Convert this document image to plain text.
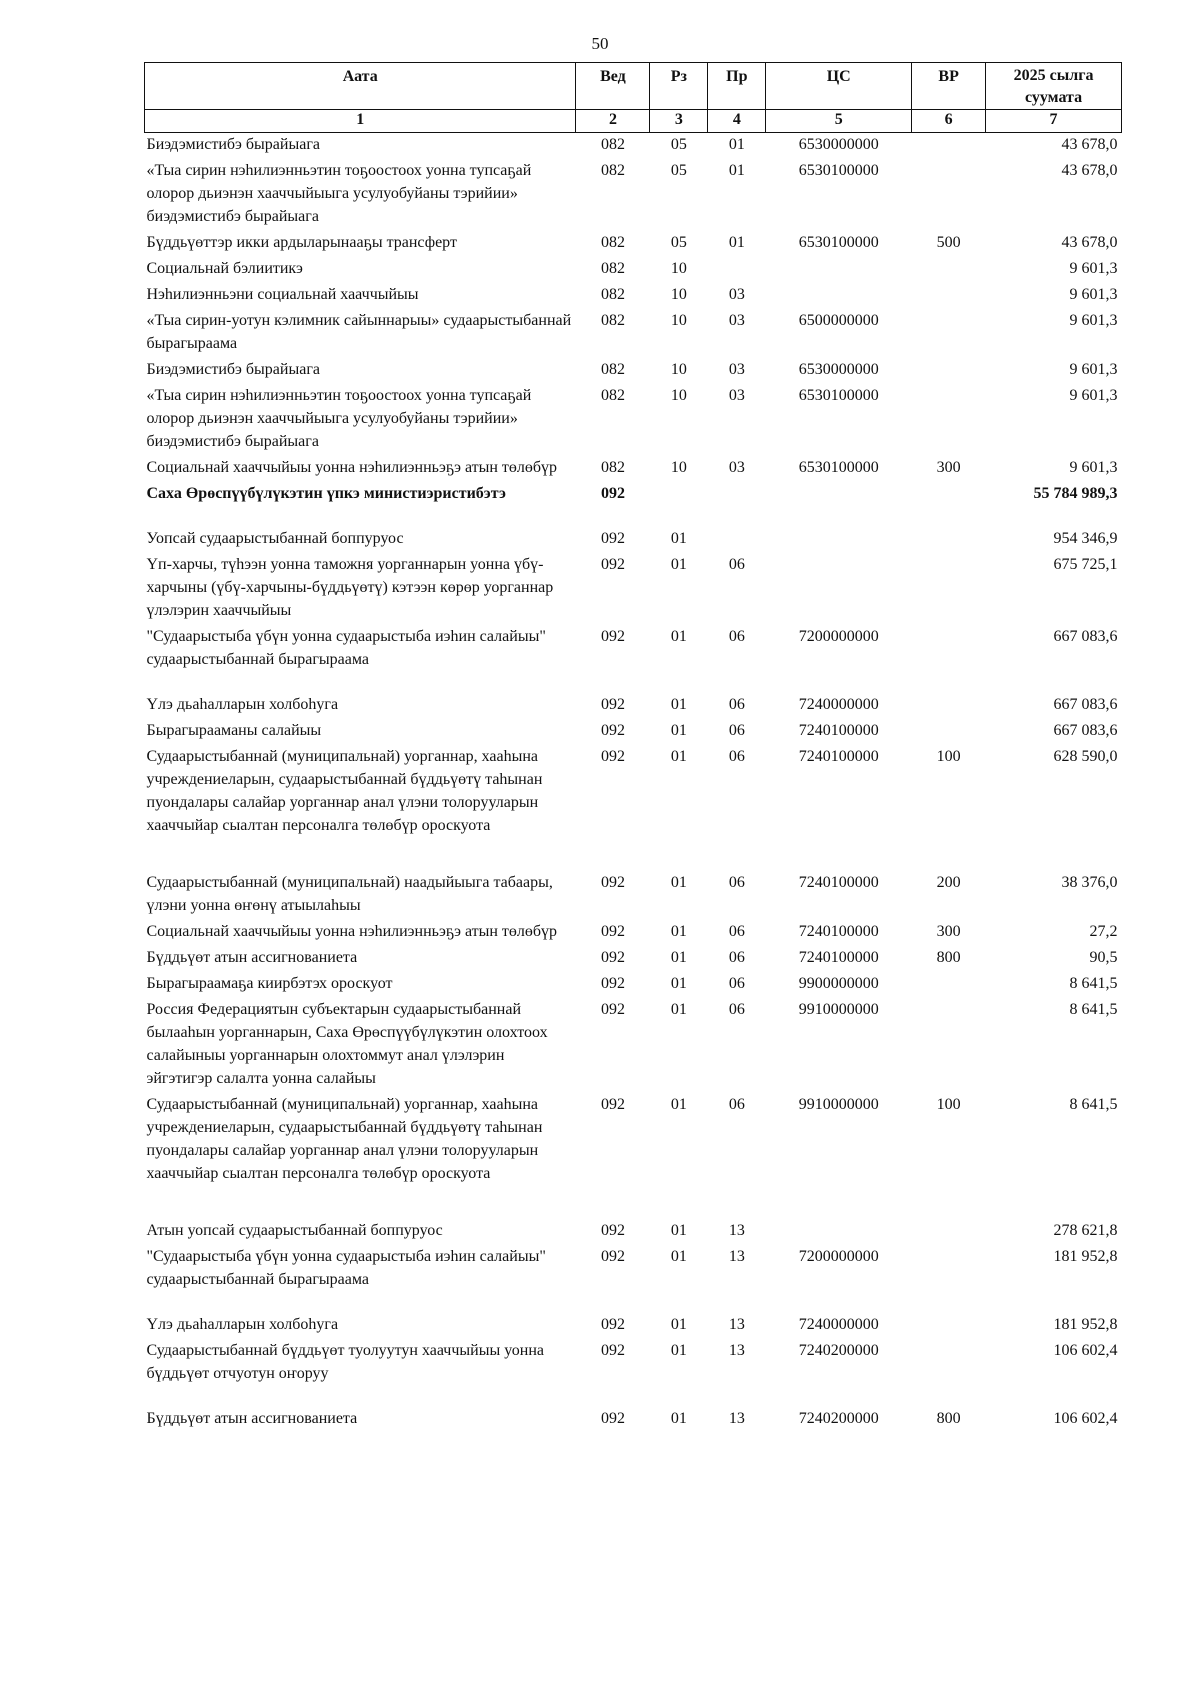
50
Аата	Вед	Рз	Пр	ЦС	ВР	2025 сылга суумата
1	2	3	4	5	6	7
Биэдэмистибэ бырайыага	082	05	01	6530000000		43 678,0
«Тыа сирин нэһилиэнньэтин тоҕоостоох уонна тупсаҕай олорор дьиэнэн хааччыйыыга усулуобуйаны тэрийии» биэдэмистибэ бырайыага	082	05	01	6530100000		43 678,0
Бүддьүөттэр икки ардыларынааҕы трансферт	082	05	01	6530100000	500	43 678,0
Социальнай бэлиитикэ	082	10				9 601,3
Нэһилиэнньэни социальнай хааччыйыы	082	10	03			9 601,3
«Тыа сирин-уотун кэлимник сайыннарыы» судаарыстыбаннай бырагыраама	082	10	03	6500000000		9 601,3
Биэдэмистибэ бырайыага	082	10	03	6530000000		9 601,3
«Тыа сирин нэһилиэнньэтин тоҕоостоох уонна тупсаҕай олорор дьиэнэн хааччыйыыга усулуобуйаны тэрийии» биэдэмистибэ бырайыага	082	10	03	6530100000		9 601,3
Социальнай хааччыйыы уонна нэһилиэнньэҕэ атын төлөбүр	082	10	03	6530100000	300	9 601,3
Саха Өрөспүүбүлүкэтин үпкэ министиэристибэтэ	092					55 784 989,3
Уопсай судаарыстыбаннай боппуруос	092	01				954 346,9
Үп-харчы, түһээн уонна таможня уорганнарын уонна үбү-харчыны (үбү-харчыны-бүддьүөтү) кэтээн көрөр уорганнар үлэлэрин хааччыйыы	092	01	06			675 725,1
"Судаарыстыба үбүн уонна судаарыстыба иэһин салайыы" судаарыстыбаннай бырагыраама	092	01	06	7200000000		667 083,6
Үлэ дьаһалларын холбоһуга	092	01	06	7240000000		667 083,6
Бырагырааманы салайыы	092	01	06	7240100000		667 083,6
Судаарыстыбаннай (муниципальнай) уорганнар, хааһына учреждениеларын, судаарыстыбаннай бүддьүөтү таһынан пуондалары салайар уорганнар анал үлэни толорууларын хааччыйар сыалтан персоналга төлөбүр ороскуота	092	01	06	7240100000	100	628 590,0
Судаарыстыбаннай (муниципальнай) наадыйыыга табаары, үлэни уонна өҥөнү атыылаһыы	092	01	06	7240100000	200	38 376,0
Социальнай хааччыйыы уонна нэһилиэнньэҕэ атын төлөбүр	092	01	06	7240100000	300	27,2
Бүддьүөт атын ассигнованиета	092	01	06	7240100000	800	90,5
Бырагыраамаҕа киирбэтэх ороскуот	092	01	06	9900000000		8 641,5
Россия Федерациятын субъектарын судаарыстыбаннай былааһын уорганнарын, Саха Өрөспүүбүлүкэтин олохтоох салайыныы уорганнарын олохтоммут анал үлэлэрин эйгэтигэр салалта уонна салайыы	092	01	06	9910000000		8 641,5
Судаарыстыбаннай (муниципальнай) уорганнар, хааһына учреждениеларын, судаарыстыбаннай бүддьүөтү таһынан пуондалары салайар уорганнар анал үлэни толорууларын хааччыйар сыалтан персоналга төлөбүр ороскуота	092	01	06	9910000000	100	8 641,5
Атын уопсай судаарыстыбаннай боппуруос	092	01	13			278 621,8
"Судаарыстыба үбүн уонна судаарыстыба иэһин салайыы" судаарыстыбаннай бырагыраама	092	01	13	7200000000		181 952,8
Үлэ дьаһалларын холбоһуга	092	01	13	7240000000		181 952,8
Судаарыстыбаннай бүддьүөт туолуутун хааччыйыы уонна бүддьүөт отчуотун оҥоруу	092	01	13	7240200000		106 602,4
Бүддьүөт атын ассигнованиета	092	01	13	7240200000	800	106 602,4
